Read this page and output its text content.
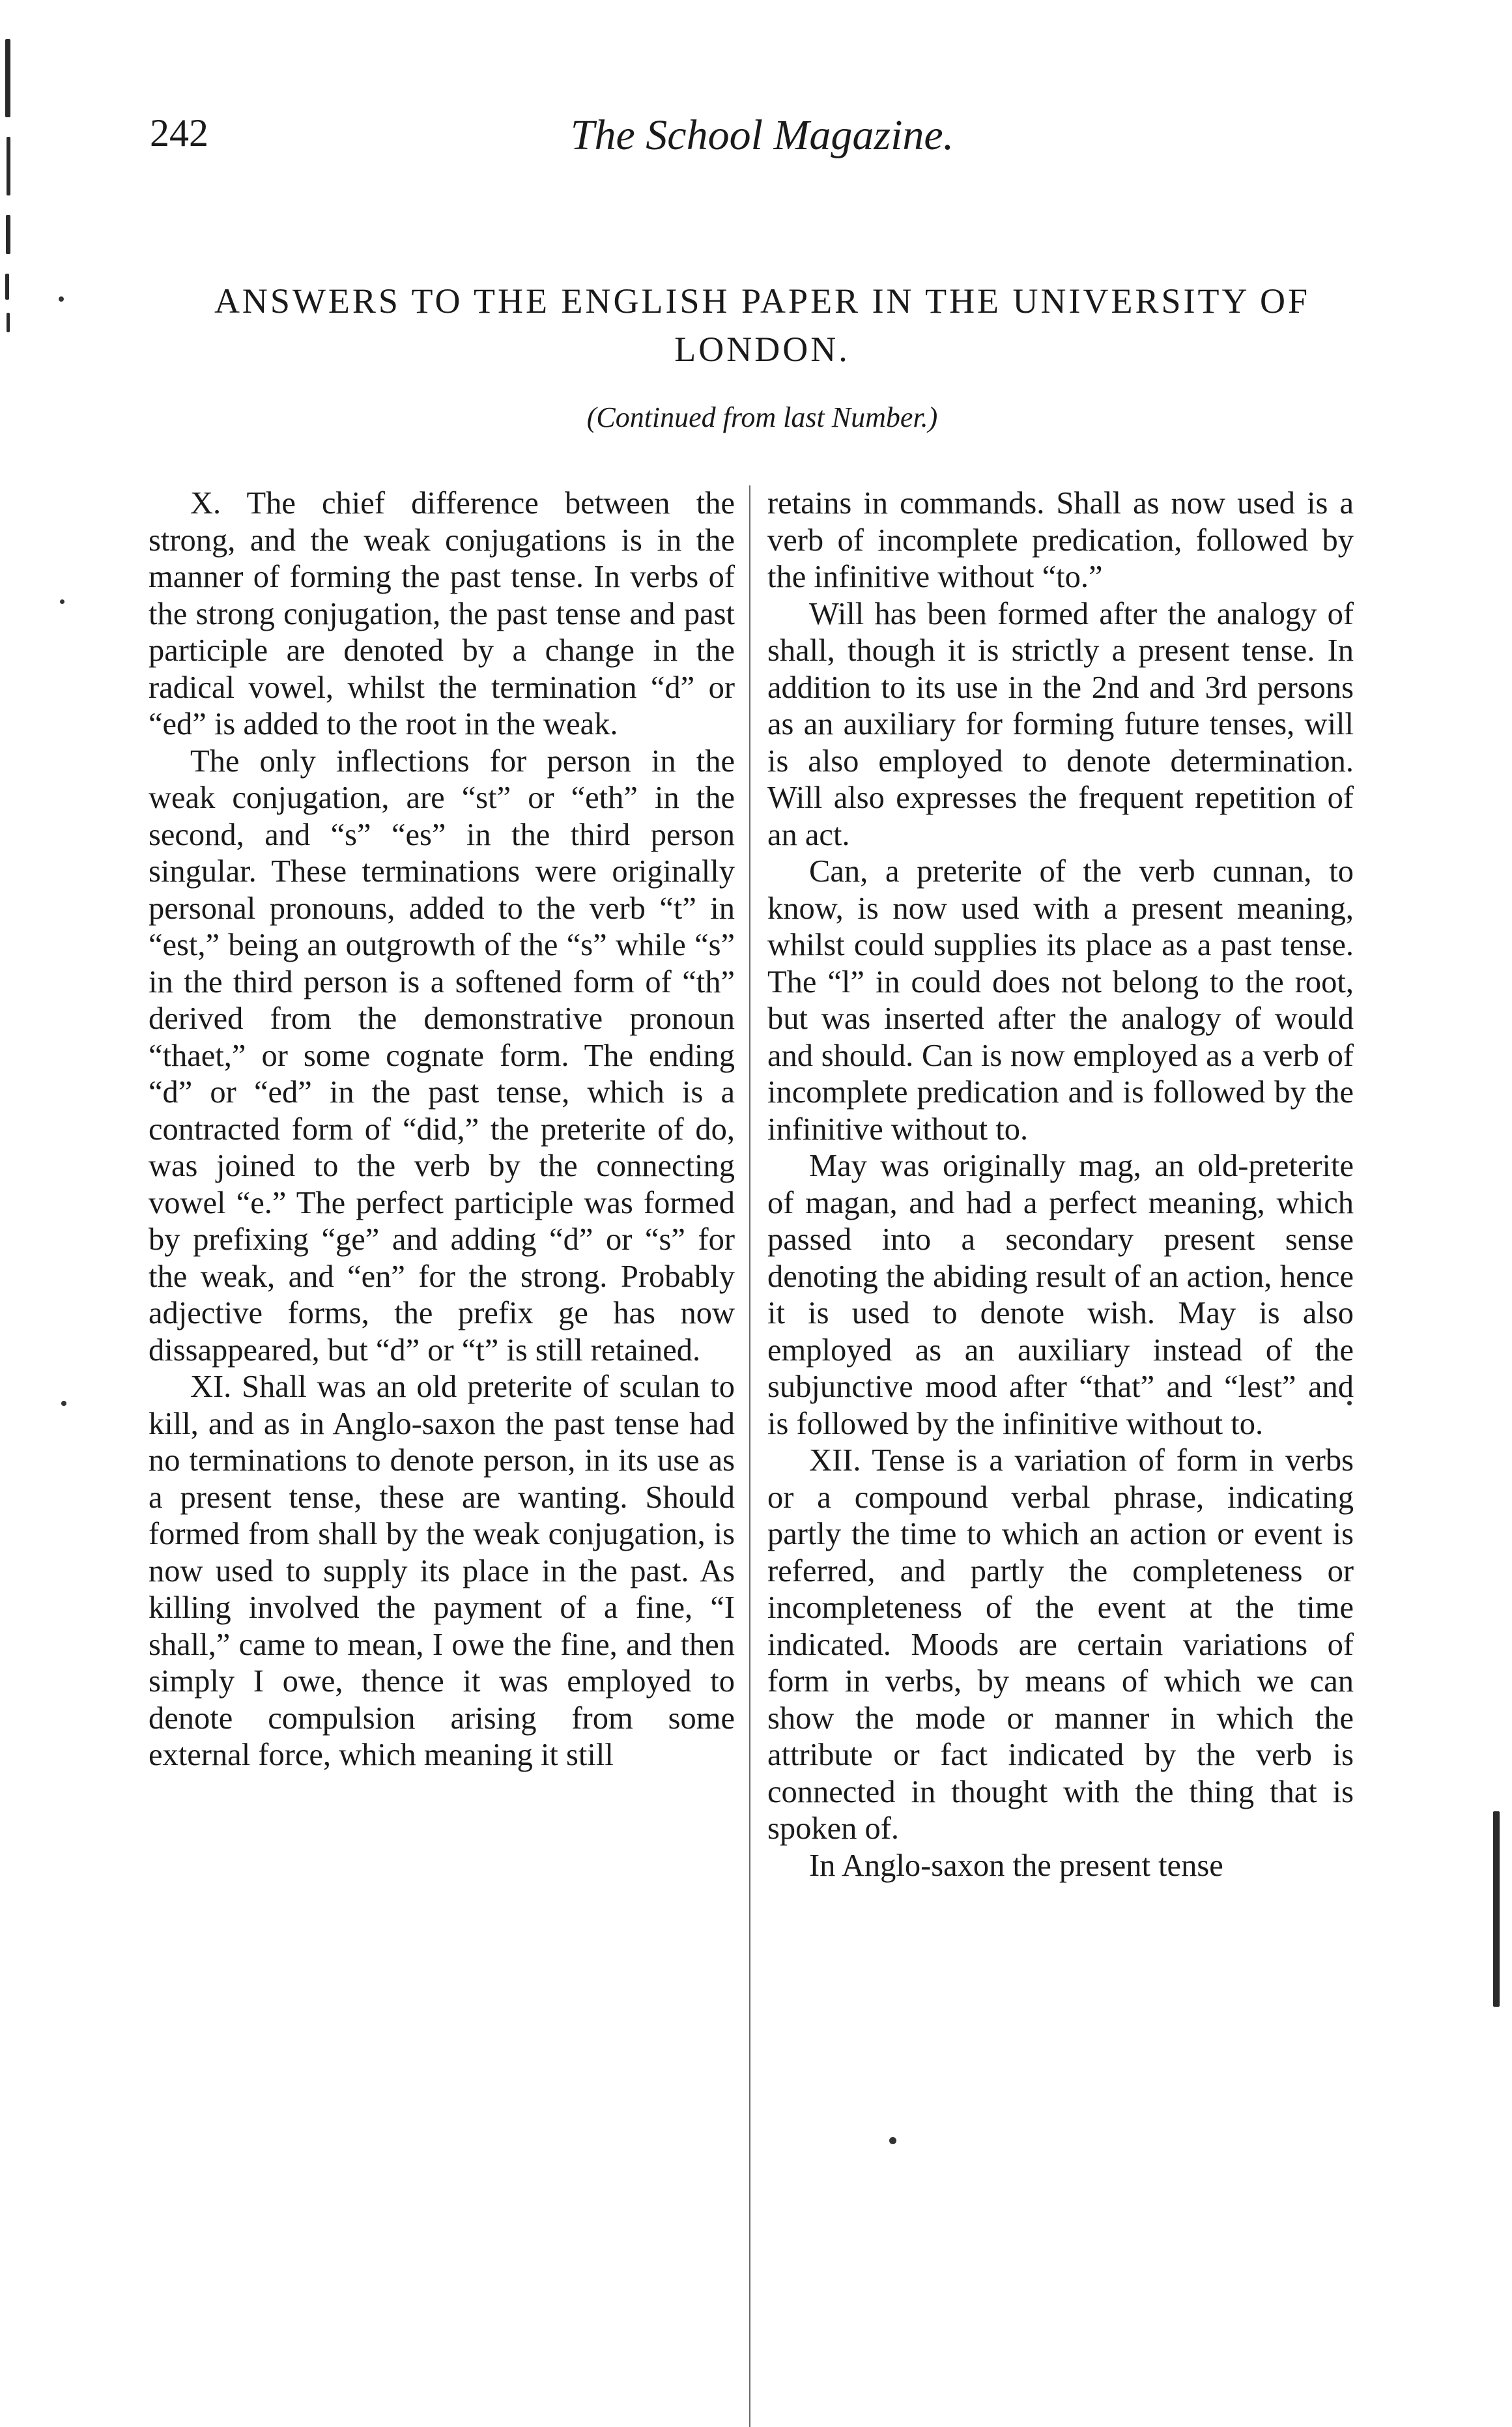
242	The School Magazine.
ANSWERS TO THE ENGLISH PAPER IN THE UNIVERSITY OF LONDON.
(Continued from last Number.)

X. The chief difference between the strong, and the weak conjugations is in the manner of forming the past tense. In verbs of the strong conjugation, the past tense and past participle are denoted by a change in the radical vowel, whilst the termination “d” or “ed” is added to the root in the weak.

The only inflections for person in the weak conjugation, are “st” or “eth” in the second, and “s” “es” in the third person singular. These terminations were originally personal pronouns, added to the verb “t” in “est,” being an outgrowth of the “s” while “s” in the third person is a softened form of “th” derived from the demonstrative pronoun “thaet,” or some cognate form. The ending “d” or “ed” in the past tense, which is a contracted form of “did,” the preterite of do, was joined to the verb by the connecting vowel “e.” The perfect participle was formed by prefixing “ge” and adding “d” or “s” for the weak, and “en” for the strong. Probably adjective forms, the prefix ge has now dissappeared, but “d” or “t” is still retained.

XI. Shall was an old preterite of sculan to kill, and as in Anglo-saxon the past tense had no terminations to denote person, in its use as a present tense, these are wanting. Should formed from shall by the weak conjugation, is now used to supply its place in the past. As killing involved the payment of a fine, “I shall,” came to mean, I owe the fine, and then simply I owe, thence it was employed to denote compulsion arising from some external force, which meaning it still

retains in commands. Shall as now used is a verb of incomplete predication, followed by the infinitive without “to.”

Will has been formed after the analogy of shall, though it is strictly a present tense. In addition to its use in the 2nd and 3rd persons as an auxiliary for forming future tenses, will is also employed to denote determination. Will also expresses the frequent repetition of an act.

Can, a preterite of the verb cunnan, to know, is now used with a present meaning, whilst could supplies its place as a past tense. The “l” in could does not belong to the root, but was inserted after the analogy of would and should. Can is now employed as a verb of incomplete predication and is followed by the infinitive without to.

May was originally mag, an old-preterite of magan, and had a perfect meaning, which passed into a secondary present sense denoting the abiding result of an action, hence it is used to denote wish. May is also employed as an auxiliary instead of the subjunctive mood after “that” and “lest” and is followed by the infinitive without to.

XII. Tense is a variation of form in verbs or a compound verbal phrase, indicating partly the time to which an action or event is referred, and partly the completeness or incompleteness of the event at the time indicated. Moods are certain variations of form in verbs, by means of which we can show the mode or manner in which the attribute or fact indicated by the verb is connected in thought with the thing that is spoken of.

In Anglo-saxon the present tense
